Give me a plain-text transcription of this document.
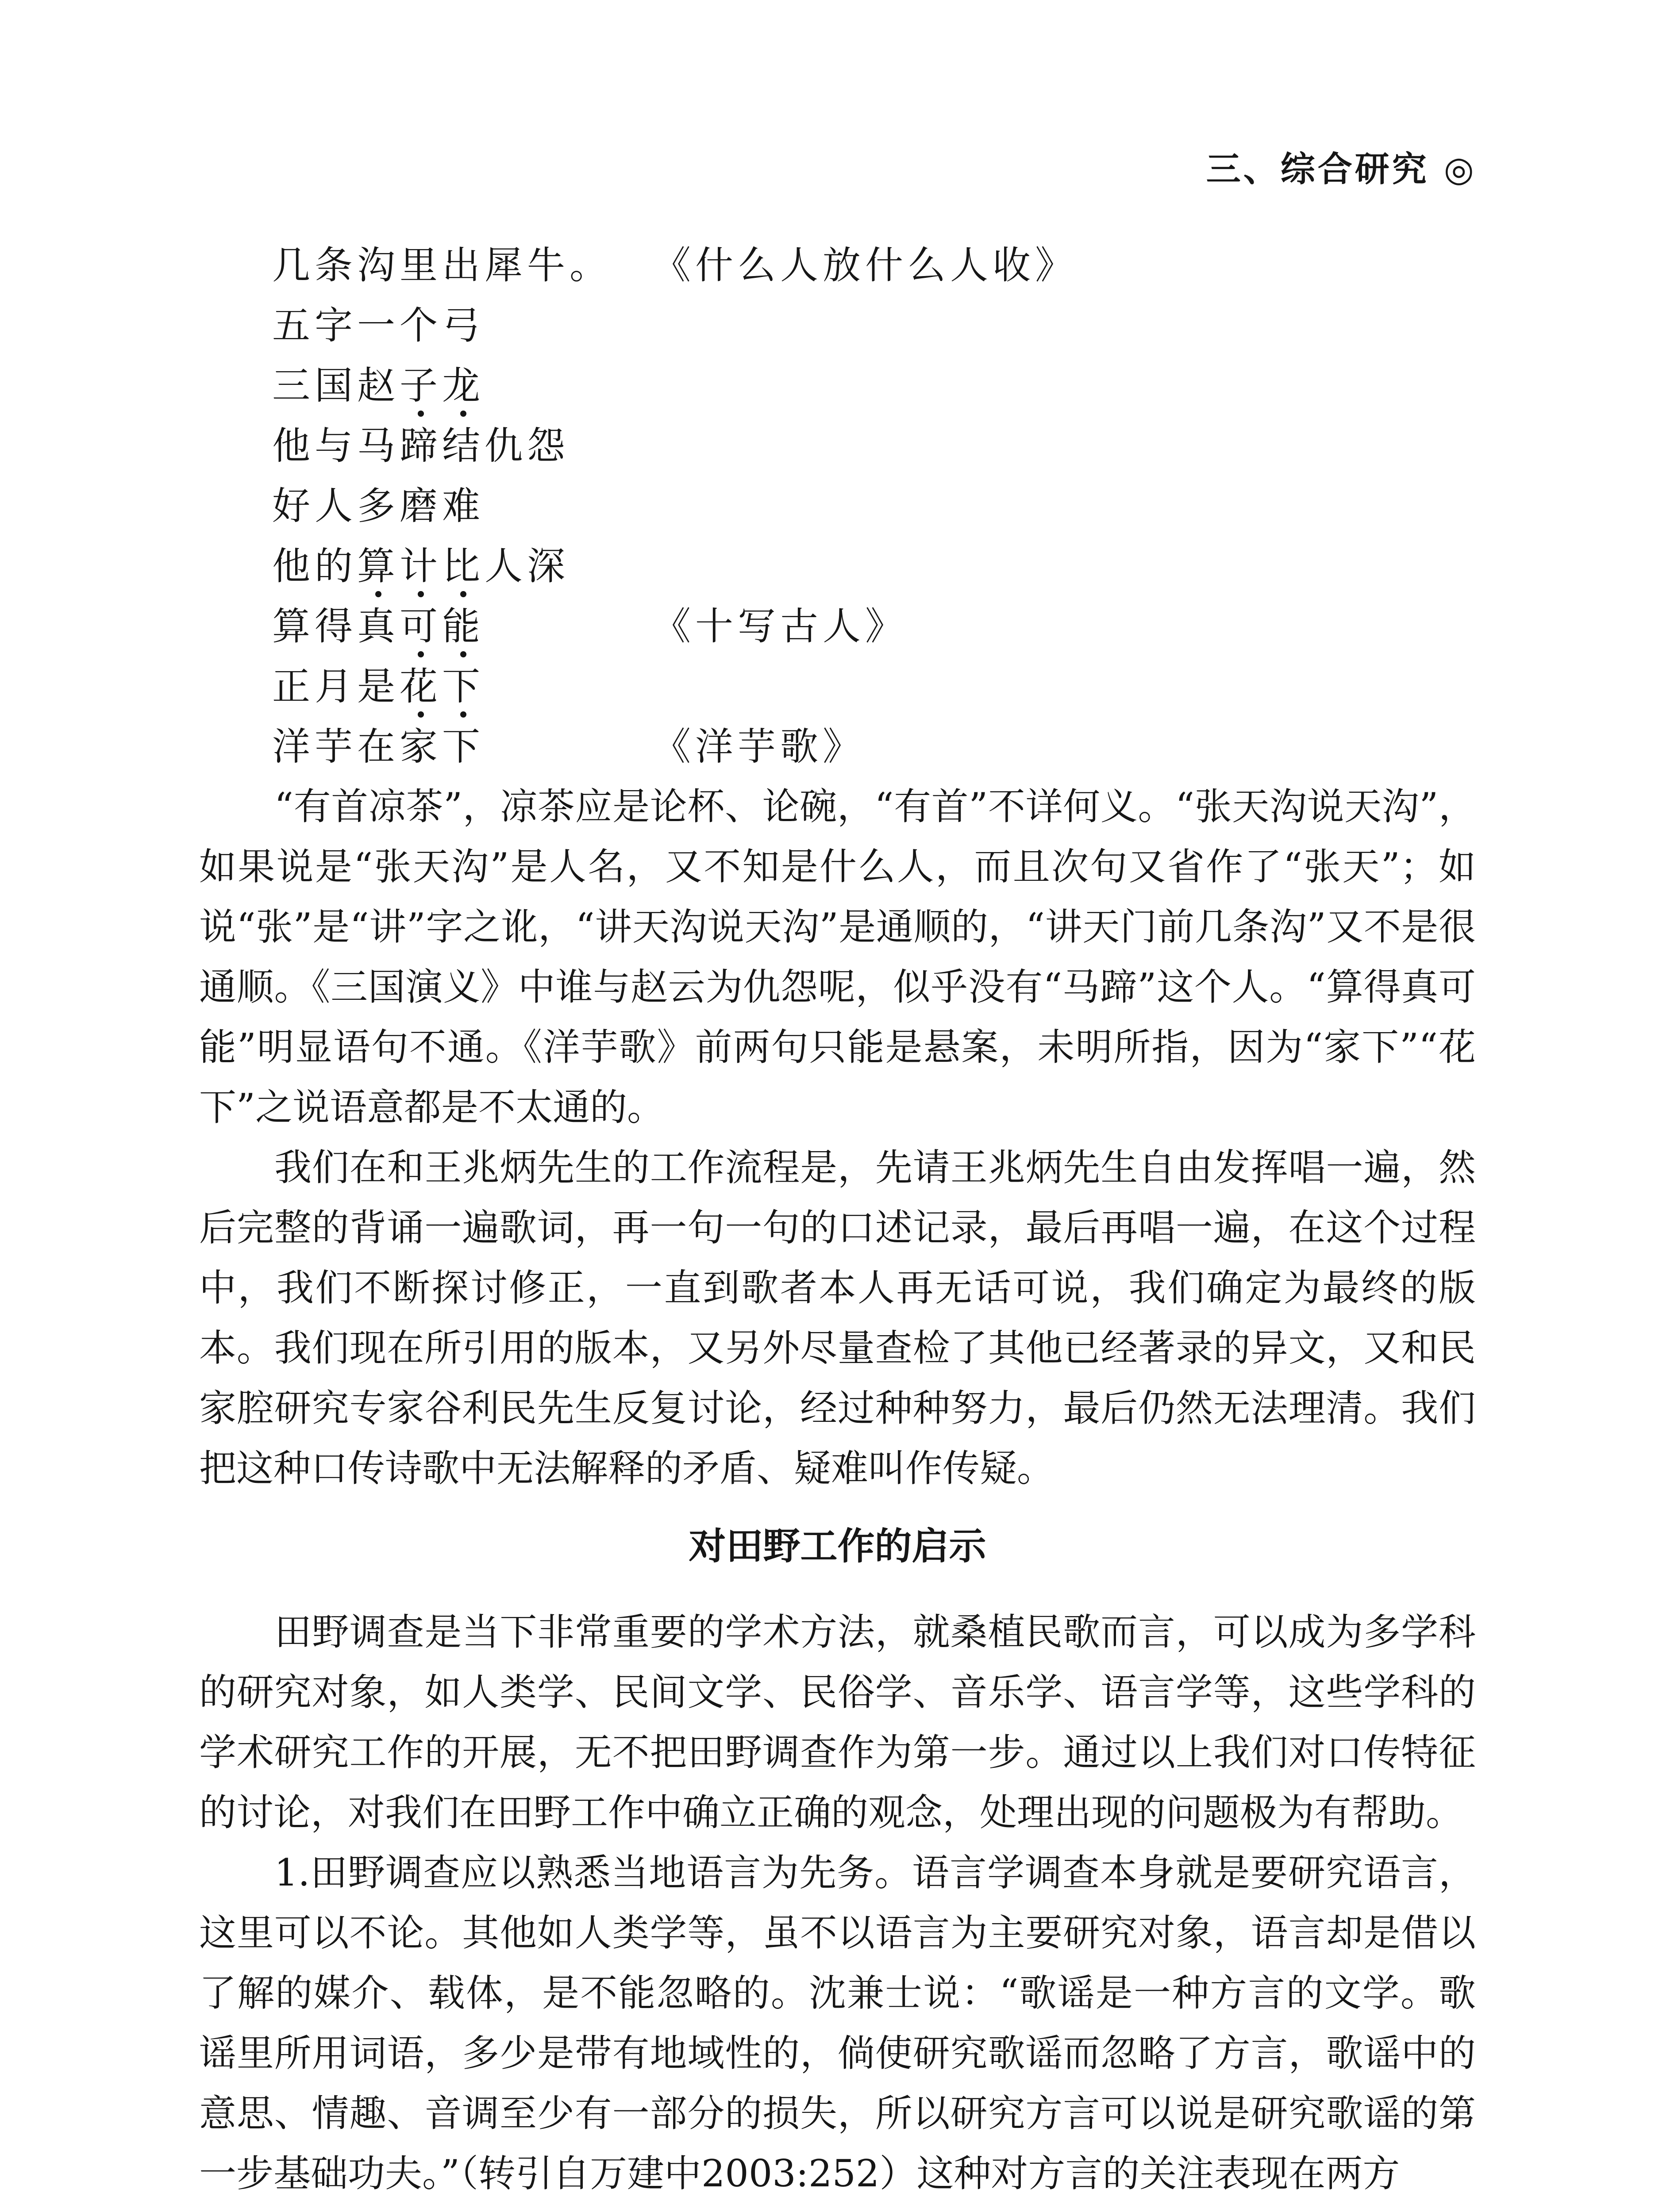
三、综合研究 ◎
几条沟里出犀牛。 《什么人放什么人收》
五字一个弓
三国赵子龙
他与马蹄结仇怨
好人多磨难
他的算计比人深
算得真可能	《十写古人》
正月是花下
洋芋在家下	《洋芋歌》

“有首凉茶”，凉茶应是论杯、论碗，“有首”不详何义。“张天沟说天沟”，如果说是“张天沟”是人名，又不知是什么人，而且次句又省作了“张天”；如说“张”是“讲”字之讹，“讲天沟说天沟”是通顺的，“讲天门前几条沟”又不是很通顺。《三国演义》中谁与赵云为仇怨呢，似乎没有“马蹄”这个人。“算得真可能”明显语句不通。《洋芋歌》前两句只能是悬案，未明所指，因为“家下”“花下”之说语意都是不太通的。

我们在和王兆炳先生的工作流程是，先请王兆炳先生自由发挥唱一遍，然后完整的背诵一遍歌词，再一句一句的口述记录，最后再唱一遍，在这个过程中，我们不断探讨修正，一直到歌者本人再无话可说，我们确定为最终的版本。我们现在所引用的版本，又另外尽量查检了其他已经著录的异文，又和民家腔研究专家谷利民先生反复讨论，经过种种努力，最后仍然无法理清。我们把这种口传诗歌中无法解释的矛盾、疑难叫作传疑。

对田野工作的启示

田野调查是当下非常重要的学术方法，就桑植民歌而言，可以成为多学科的研究对象，如人类学、民间文学、民俗学、音乐学、语言学等，这些学科的学术研究工作的开展，无不把田野调查作为第一步。通过以上我们对口传特征的讨论，对我们在田野工作中确立正确的观念，处理出现的问题极为有帮助。

1.田野调查应以熟悉当地语言为先务。语言学调查本身就是要研究语言，这里可以不论。其他如人类学等，虽不以语言为主要研究对象，语言却是借以了解的媒介、载体，是不能忽略的。沈兼士说：“歌谣是一种方言的文学。歌谣里所用词语，多少是带有地域性的，倘使研究歌谣而忽略了方言，歌谣中的意思、情趣、音调至少有一部分的损失，所以研究方言可以说是研究歌谣的第一步基础功夫。”（转引自万建中2003:252）这种对方言的关注表现在两方
